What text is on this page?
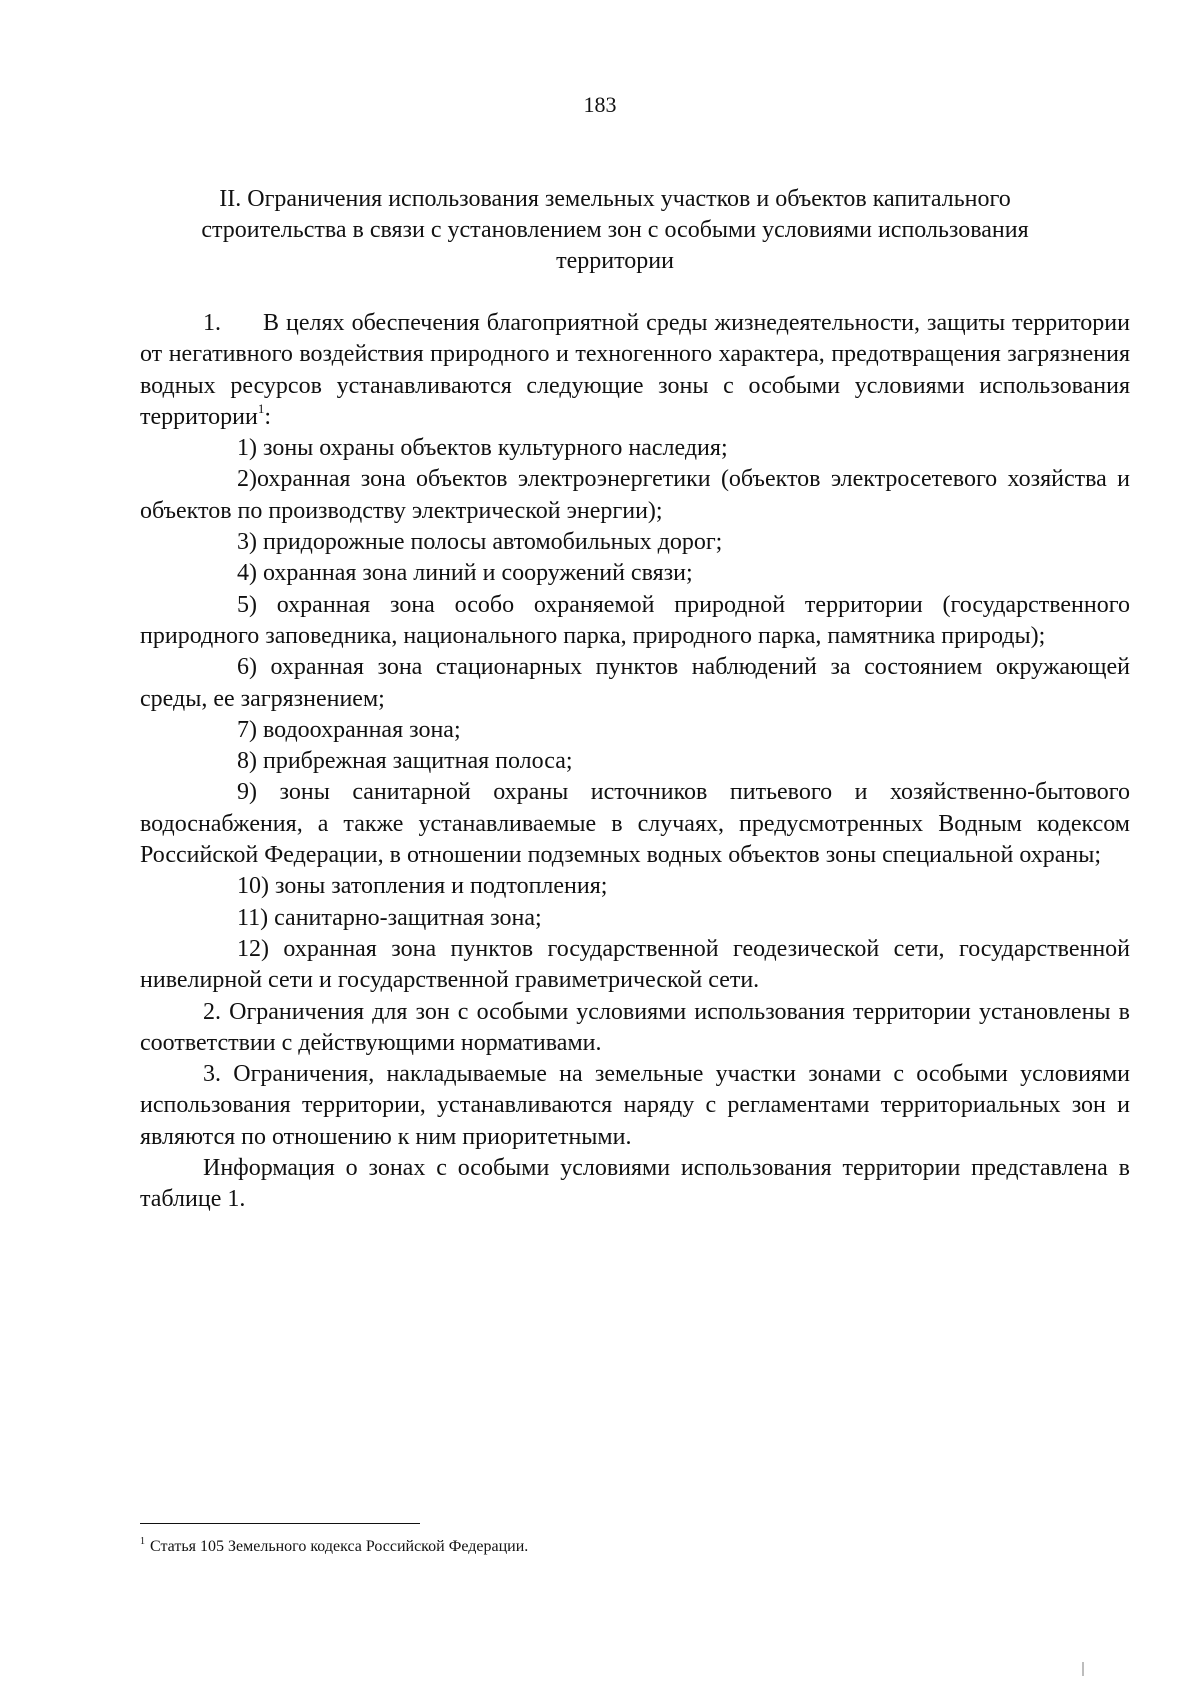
183
II. Ограничения использования земельных участков и объектов капитального строительства в связи с установлением зон с особыми условиями использования территории

1. В целях обеспечения благоприятной среды жизнедеятельности, защиты территории от негативного воздействия природного и техногенного характера, предотвращения загрязнения водных ресурсов устанавливаются следующие зоны с особыми условиями использования территории$^1$:

1) зоны охраны объектов культурного наследия;

2)охранная зона объектов электроэнергетики (объектов электросетевого хозяйства и объектов по производству электрической энергии);

3) придорожные полосы автомобильных дорог;

4) охранная зона линий и сооружений связи;

5) охранная зона особо охраняемой природной территории (государственного природного заповедника, национального парка, природного парка, памятника природы);

6) охранная зона стационарных пунктов наблюдений за состоянием окружающей среды, ее загрязнением;

7) водоохранная зона;

8) прибрежная защитная полоса;

9) зоны санитарной охраны источников питьевого и хозяйственно-бытового водоснабжения, а также устанавливаемые в случаях, предусмотренных Водным кодексом Российской Федерации, в отношении подземных водных объектов зоны специальной охраны;

10) зоны затопления и подтопления;

11) санитарно-защитная зона;

12) охранная зона пунктов государственной геодезической сети, государственной нивелирной сети и государственной гравиметрической сети.

2. Ограничения для зон с особыми условиями использования территории установлены в соответствии с действующими нормативами.

3. Ограничения, накладываемые на земельные участки зонами с особыми условиями использования территории, устанавливаются наряду с регламентами территориальных зон и являются по отношению к ним приоритетными.

Информация о зонах с особыми условиями использования территории представлена в таблице 1.

$^1$ Статья 105 Земельного кодекса Российской Федерации.
